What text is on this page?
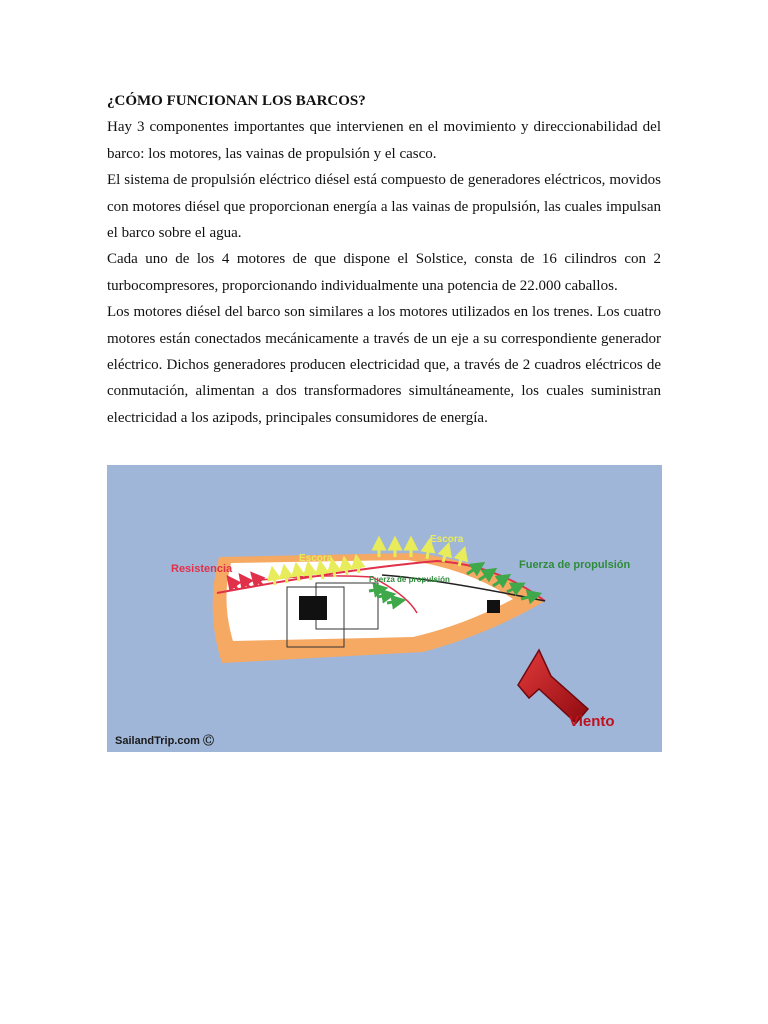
¿CÓMO FUNCIONAN LOS BARCOS?

Hay 3 componentes importantes que intervienen en el movimiento y direccionabilidad del barco: los motores, las vainas de propulsión y el casco.

El sistema de propulsión eléctrico diésel está compuesto de generadores eléctricos, movidos con motores diésel que proporcionan energía a las vainas de propulsión, las cuales impulsan el barco sobre el agua.

Cada uno de los 4 motores de que dispone el Solstice, consta de 16 cilindros con 2 turbocompresores, proporcionando individualmente una potencia de 22.000 caballos.

Los motores diésel del barco son similares a los motores utilizados en los trenes. Los cuatro motores están conectados mecánicamente a través de un eje a su correspondiente generador eléctrico. Dichos generadores producen electricidad que, a través de 2 cuadros eléctricos de conmutación, alimentan a dos transformadores simultáneamente, los cuales suministran electricidad a los azipods, principales consumidores de energía.

Resistencia
Escora
Escora
Fuerza de propulsión
Fuerza de propulsión
Viento
SailandTrip.com Ⓒ
